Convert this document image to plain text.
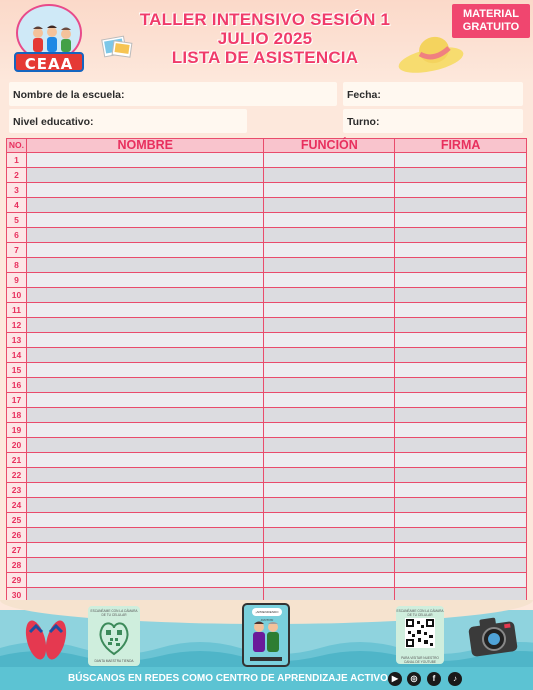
CEAA
TALLER INTENSIVO SESIÓN 1
JULIO 2025
LISTA DE ASISTENCIA
MATERIAL
GRATUITO
Nombre de la escuela:	Fecha:
Nivel educativo:	Turno:
NO.	NOMBRE	FUNCIÓN	FIRMA
1			
2			
3			
4			
5			
6			
7			
8			
9			
10			
11			
12			
13			
14			
15			
16			
17			
18			
19			
20			
21			
22			
23			
24			
25			
26			
27			
28			
29			
30			
ESCANÉAME CON LA CÁMARA DE TU CELULAR
DANTA MAESTRA TIENDA
¡APRENDIENDO JUNTOS!
ESCANÉAME CON LA CÁMARA DE TU CELULAR
PARA VISITAR NUESTRO CANAL DE YOUTUBE
BÚSCANOS EN REDES COMO CENTRO DE APRENDIZAJE ACTIVO ▶	◎	f	♪
